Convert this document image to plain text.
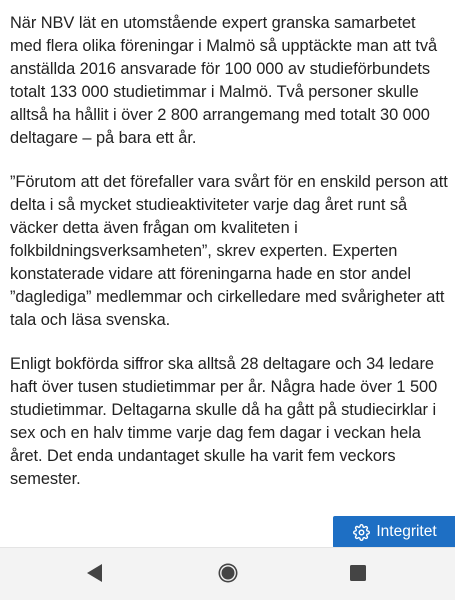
När NBV lät en utomstående expert granska samarbetet med flera olika föreningar i Malmö så upptäckte man att två anställda 2016 ansvarade för 100 000 av studieförbundets totalt 133 000 studietimmar i Malmö. Två personer skulle alltså ha hållit i över 2 800 arrangemang med totalt 30 000 deltagare – på bara ett år.

”Förutom att det förefaller vara svårt för en enskild person att delta i så mycket studieaktiviteter varje dag året runt så väcker detta även frågan om kvaliteten i folkbildningsverksamheten”, skrev experten. Experten konstaterade vidare att föreningarna hade en stor andel ”daglediga” medlemmar och cirkelledare med svårigheter att tala och läsa svenska.

Enligt bokförda siffror ska alltså 28 deltagare och 34 ledare haft över tusen studietimmar per år. Några hade över 1 500 studietimmar. Deltagarna skulle då ha gått på studiecirklar i sex och en halv timme varje dag fem dagar i veckan hela året. Det enda undantaget skulle ha varit fem veckors semester.

Integritet
